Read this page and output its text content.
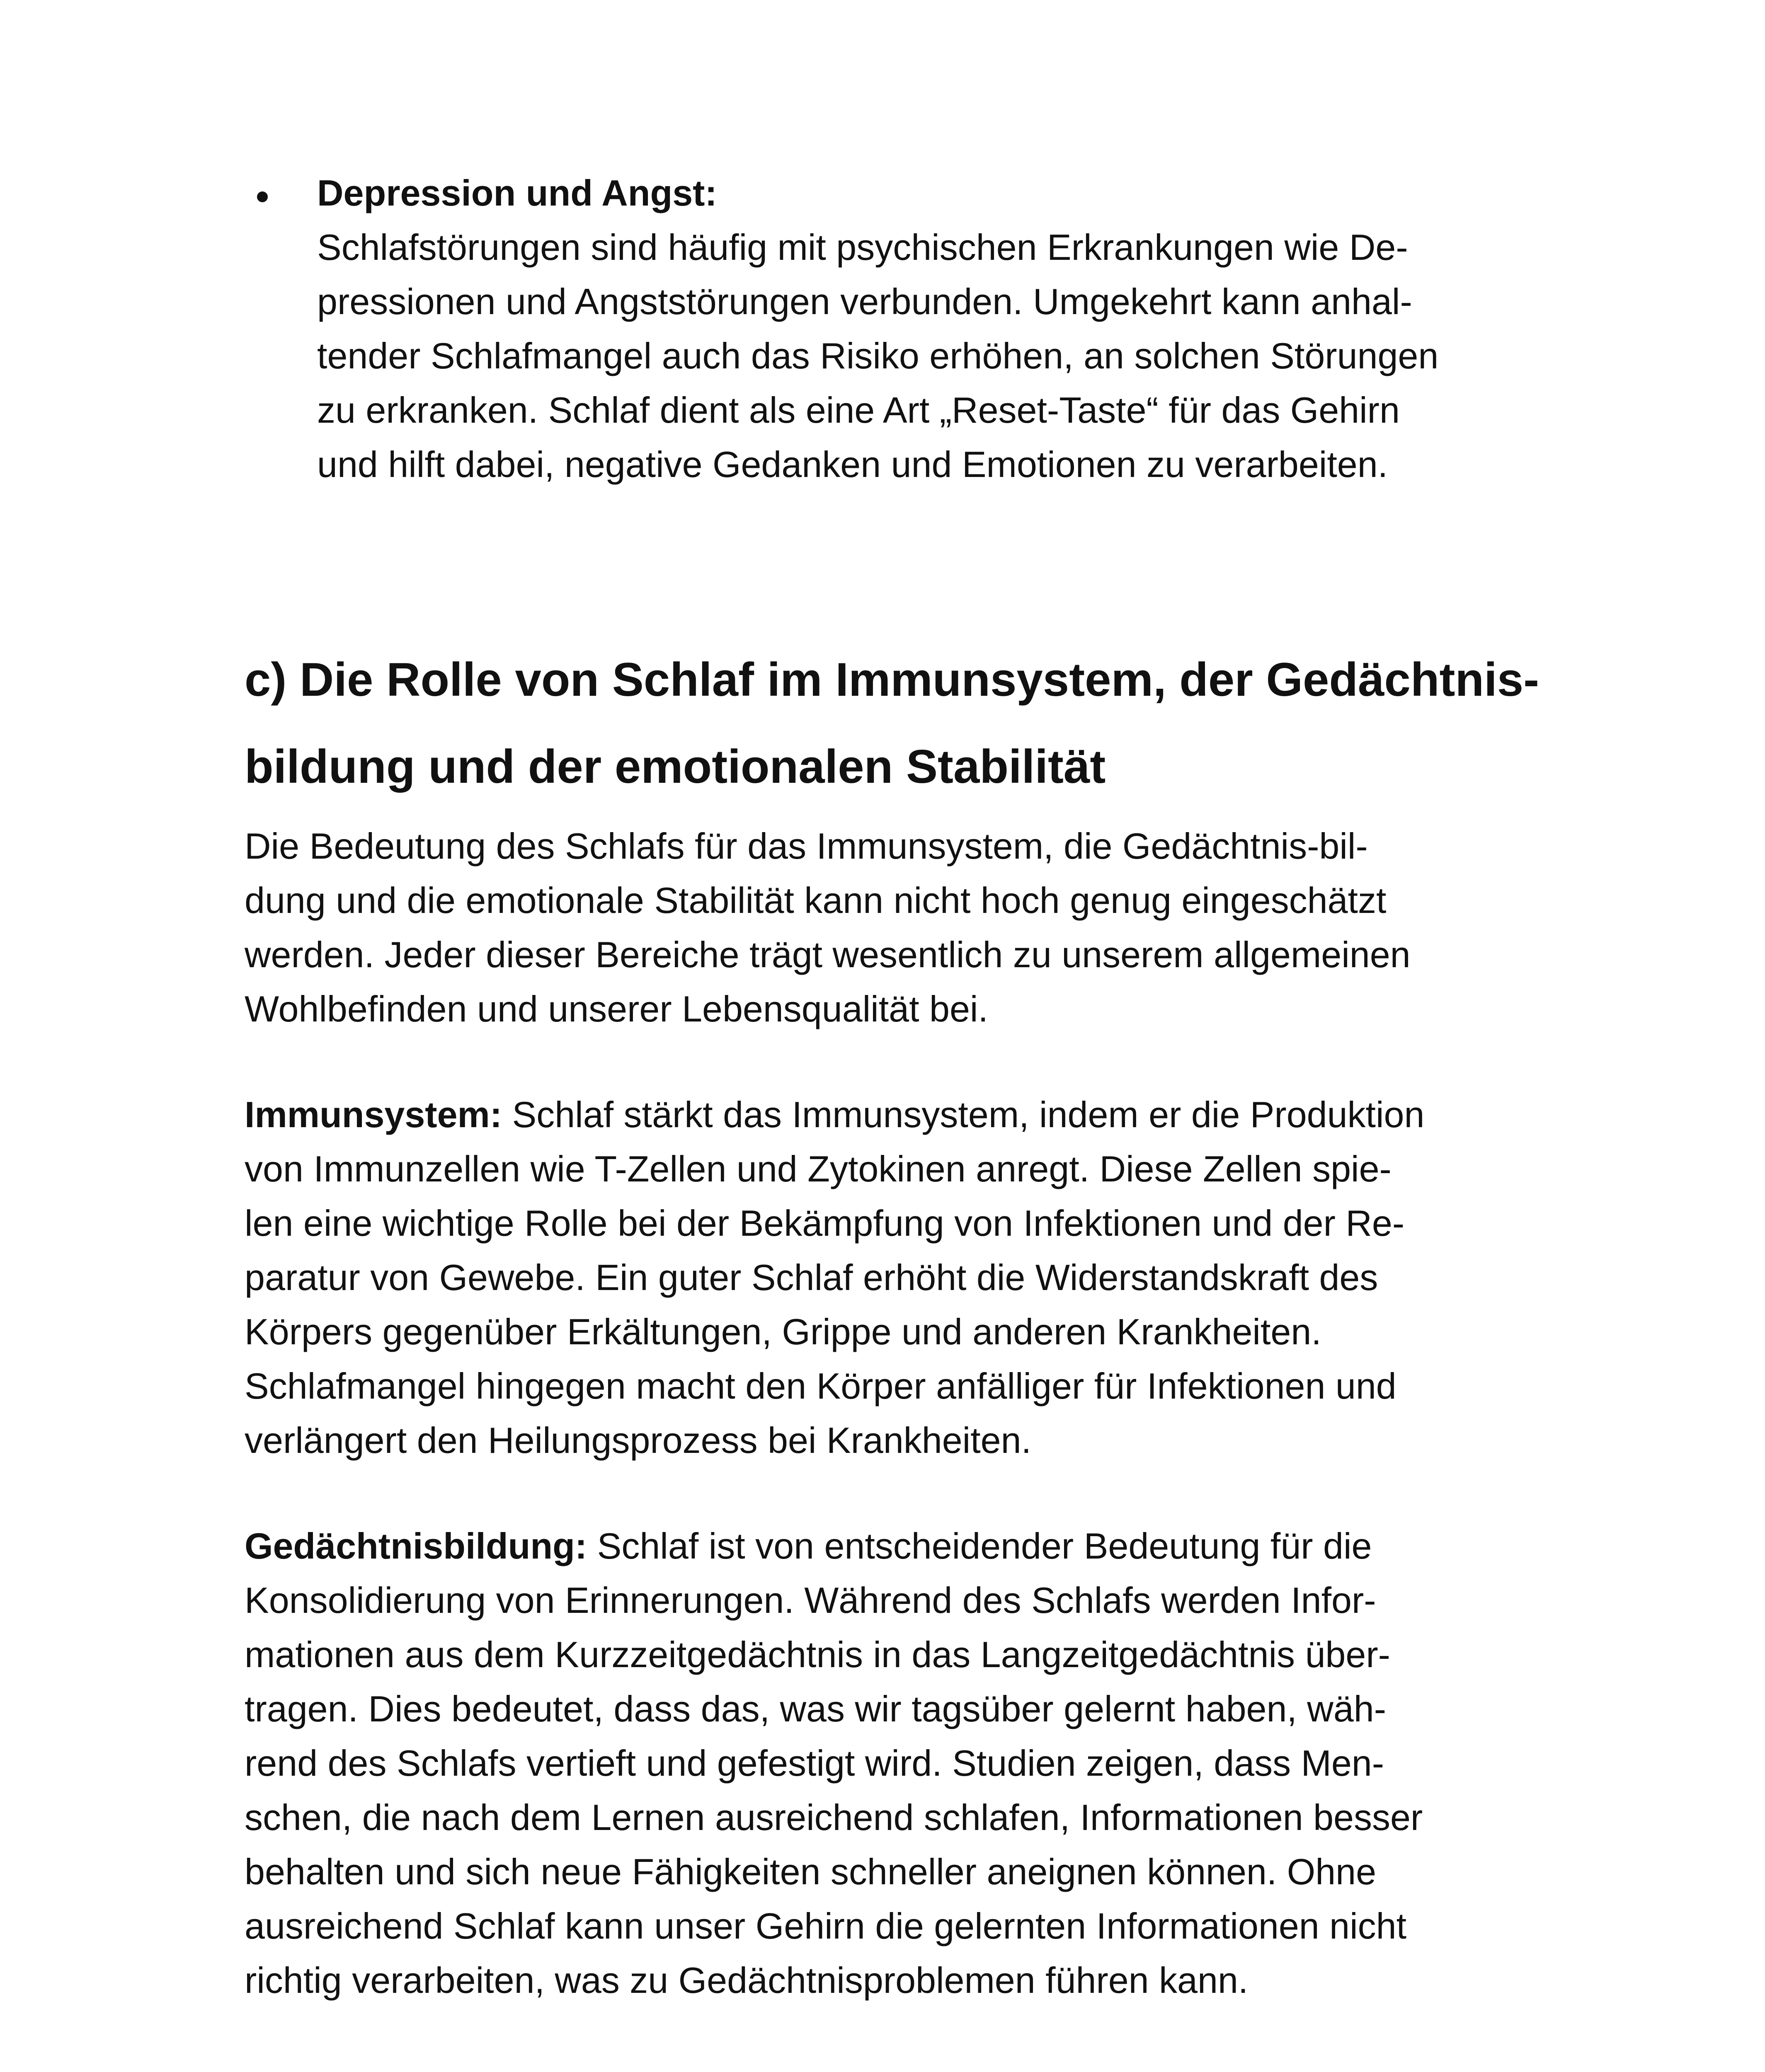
Depression und Angst:
Schlafstörungen sind häufig mit psychischen Erkrankungen wie De-
pressionen und Angststörungen verbunden. Umgekehrt kann anhal-
tender Schlafmangel auch das Risiko erhöhen, an solchen Störungen
zu erkranken. Schlaf dient als eine Art „Reset-Taste“ für das Gehirn
und hilft dabei, negative Gedanken und Emotionen zu verarbeiten.
c) Die Rolle von Schlaf im Immunsystem, der Gedächtnis-
bildung und der emotionalen Stabilität
Die Bedeutung des Schlafs für das Immunsystem, die Gedächtnis-bil-
dung und die emotionale Stabilität kann nicht hoch genug eingeschätzt
werden. Jeder dieser Bereiche trägt wesentlich zu unserem allgemeinen
Wohlbefinden und unserer Lebensqualität bei.
Immunsystem: Schlaf stärkt das Immunsystem, indem er die Produktion
von Immunzellen wie T-Zellen und Zytokinen anregt. Diese Zellen spie-
len eine wichtige Rolle bei der Bekämpfung von Infektionen und der Re-
paratur von Gewebe. Ein guter Schlaf erhöht die Widerstandskraft des
Körpers gegenüber Erkältungen, Grippe und anderen Krankheiten.
Schlafmangel hingegen macht den Körper anfälliger für Infektionen und
verlängert den Heilungsprozess bei Krankheiten.
Gedächtnisbildung: Schlaf ist von entscheidender Bedeutung für die
Konsolidierung von Erinnerungen. Während des Schlafs werden Infor-
mationen aus dem Kurzzeitgedächtnis in das Langzeitgedächtnis über-
tragen. Dies bedeutet, dass das, was wir tagsüber gelernt haben, wäh-
rend des Schlafs vertieft und gefestigt wird. Studien zeigen, dass Men-
schen, die nach dem Lernen ausreichend schlafen, Informationen besser
behalten und sich neue Fähigkeiten schneller aneignen können. Ohne
ausreichend Schlaf kann unser Gehirn die gelernten Informationen nicht
richtig verarbeiten, was zu Gedächtnisproblemen führen kann.
